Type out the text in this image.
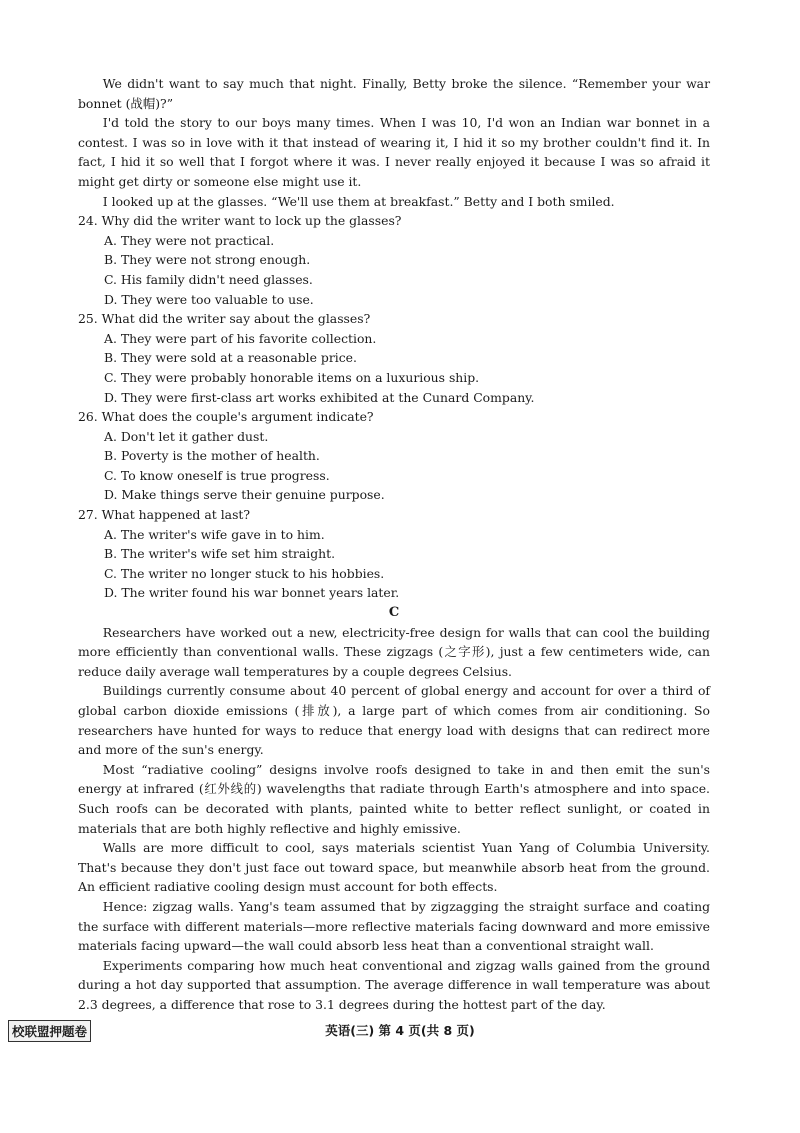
We didn't want to say much that night. Finally, Betty broke the silence. “Remember your war bonnet (战帽)?”

I'd told the story to our boys many times. When I was 10, I'd won an Indian war bonnet in a contest. I was so in love with it that instead of wearing it, I hid it so my brother couldn't find it. In fact, I hid it so well that I forgot where it was. I never really enjoyed it because I was so afraid it might get dirty or someone else might use it.

I looked up at the glasses. “We'll use them at breakfast.” Betty and I both smiled.

24. Why did the writer want to lock up the glasses?

A. They were not practical.

B. They were not strong enough.

C. His family didn't need glasses.

D. They were too valuable to use.

25. What did the writer say about the glasses?

A. They were part of his favorite collection.

B. They were sold at a reasonable price.

C. They were probably honorable items on a luxurious ship.

D. They were first-class art works exhibited at the Cunard Company.

26. What does the couple's argument indicate?

A. Don't let it gather dust.

B. Poverty is the mother of health.

C. To know oneself is true progress.

D. Make things serve their genuine purpose.

27. What happened at last?

A. The writer's wife gave in to him.

B. The writer's wife set him straight.

C. The writer no longer stuck to his hobbies.

D. The writer found his war bonnet years later.

C

Researchers have worked out a new, electricity-free design for walls that can cool the building more efficiently than conventional walls. These zigzags (之字形), just a few centimeters wide, can reduce daily average wall temperatures by a couple degrees Celsius.

Buildings currently consume about 40 percent of global energy and account for over a third of global carbon dioxide emissions (排放), a large part of which comes from air conditioning. So researchers have hunted for ways to reduce that energy load with designs that can redirect more and more of the sun's energy.

Most “radiative cooling” designs involve roofs designed to take in and then emit the sun's energy at infrared (红外线的) wavelengths that radiate through Earth's atmosphere and into space. Such roofs can be decorated with plants, painted white to better reflect sunlight, or coated in materials that are both highly reflective and highly emissive.

Walls are more difficult to cool, says materials scientist Yuan Yang of Columbia University. That's because they don't just face out toward space, but meanwhile absorb heat from the ground. An efficient radiative cooling design must account for both effects.

Hence: zigzag walls. Yang's team assumed that by zigzagging the straight surface and coating the surface with different materials—more reflective materials facing downward and more emissive materials facing upward—the wall could absorb less heat than a conventional straight wall.

Experiments comparing how much heat conventional and zigzag walls gained from the ground during a hot day supported that assumption. The average difference in wall temperature was about 2.3 degrees, a difference that rose to 3.1 degrees during the hottest part of the day.

校联盟押题卷	英语(三) 第 4 页(共 8 页)
